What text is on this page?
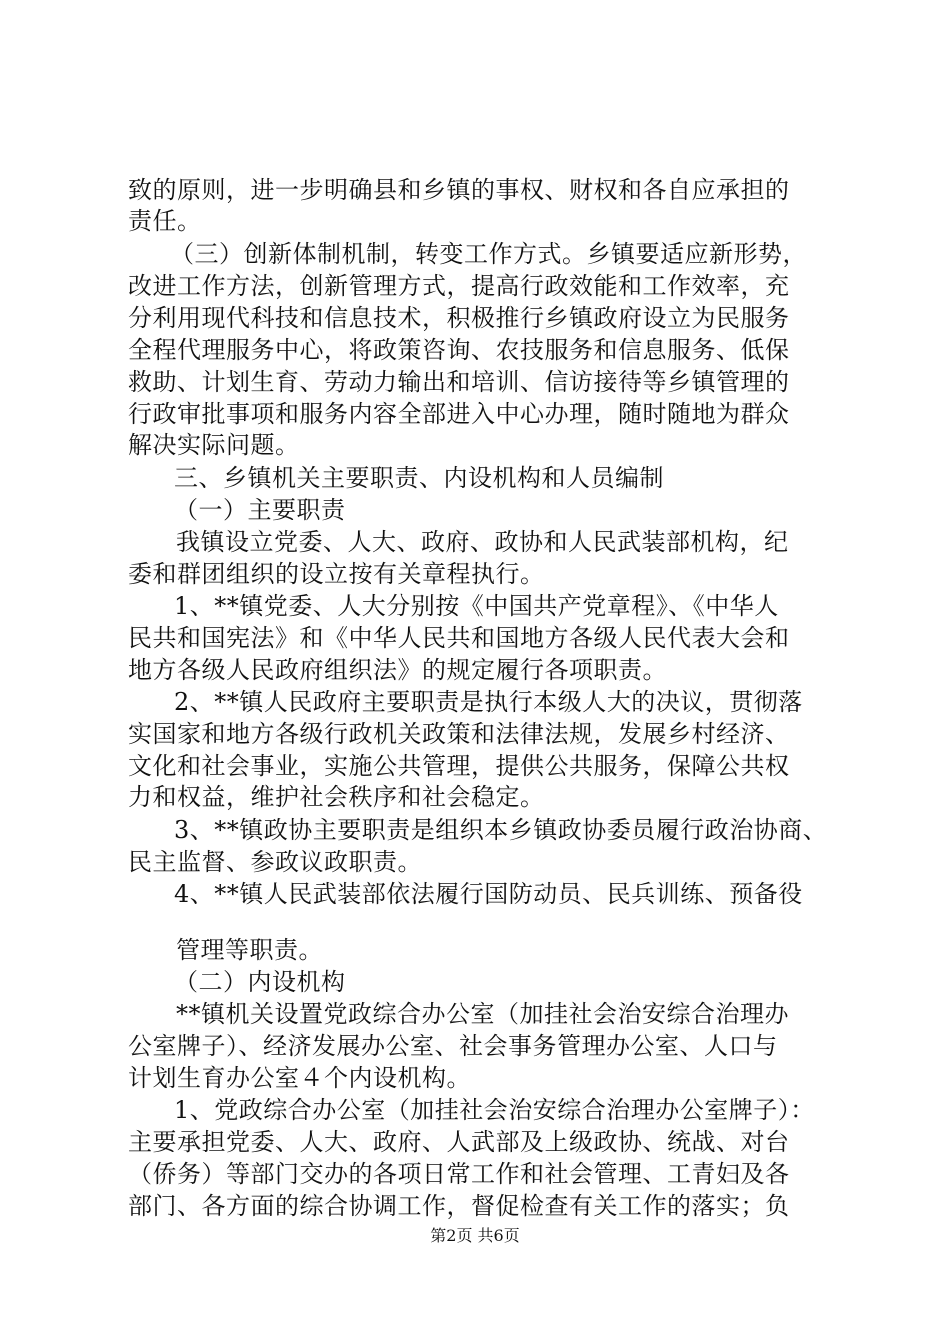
致的原则，进一步明确县和乡镇的事权、财权和各自应承担的
责任。
（三）创新体制机制，转变工作方式。乡镇要适应新形势，
改进工作方法，创新管理方式，提高行政效能和工作效率，充
分利用现代科技和信息技术，积极推行乡镇政府设立为民服务
全程代理服务中心，将政策咨询、农技服务和信息服务、低保
救助、计划生育、劳动力输出和培训、信访接待等乡镇管理的
行政审批事项和服务内容全部进入中心办理，随时随地为群众
解决实际问题。
三、乡镇机关主要职责、内设机构和人员编制
（一）主要职责
我镇设立党委、人大、政府、政协和人民武装部机构，纪
委和群团组织的设立按有关章程执行。
1、**镇党委、人大分别按《中国共产党章程》、《中华人
民共和国宪法》和《中华人民共和国地方各级人民代表大会和
地方各级人民政府组织法》的规定履行各项职责。
2、**镇人民政府主要职责是执行本级人大的决议，贯彻落
实国家和地方各级行政机关政策和法律法规，发展乡村经济、
文化和社会事业，实施公共管理，提供公共服务，保障公共权
力和权益，维护社会秩序和社会稳定。
3、**镇政协主要职责是组织本乡镇政协委员履行政治协商、
民主监督、参政议政职责。
4、**镇人民武装部依法履行国防动员、民兵训练、预备役
管理等职责。
（二）内设机构
**镇机关设置党政综合办公室（加挂社会治安综合治理办
公室牌子）、经济发展办公室、社会事务管理办公室、人口与
计划生育办公室４个内设机构。
1、党政综合办公室（加挂社会治安综合治理办公室牌子）：
主要承担党委、人大、政府、人武部及上级政协、统战、对台
（侨务）等部门交办的各项日常工作和社会管理、工青妇及各
部门、各方面的综合协调工作，督促检查有关工作的落实；负
第2页 共6页
